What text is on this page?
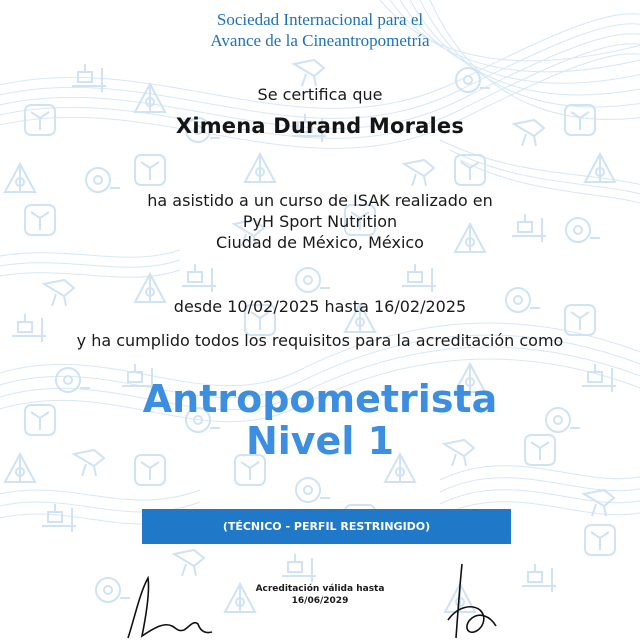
Sociedad Internacional para el
Avance de la Cineantropometría
Se certifica que
Ximena Durand Morales
ha asistido a un curso de ISAK realizado en
PyH Sport Nutrition
Ciudad de México, México
desde 10/02/2025 hasta 16/02/2025
y ha cumplido todos los requisitos para la acreditación como
Antropometrista
Nivel 1
(TÉCNICO - PERFIL RESTRINGIDO)
Acreditación válida hasta
16/06/2029
